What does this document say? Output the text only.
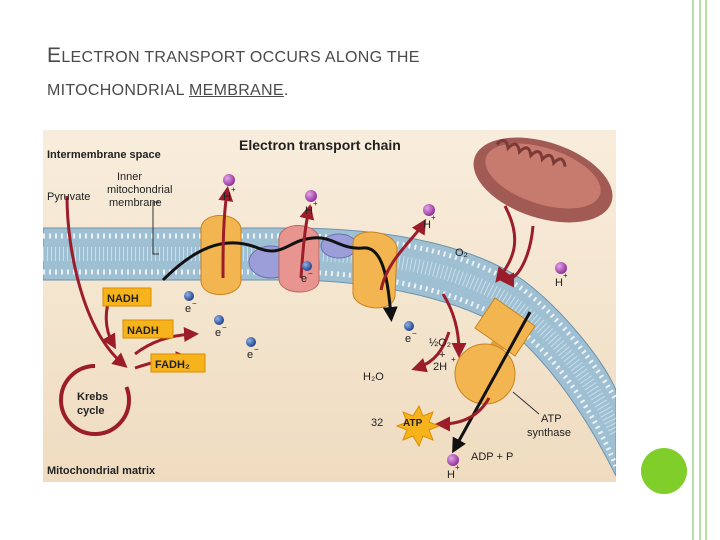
ELECTRON TRANSPORT OCCURS ALONG THE
MITOCHONDRIAL MEMBRANE.
Electron transport chain
Intermembrane space
Pyruvate
Inner
mitochondrial
membrane
NADH
NADH
FADH₂
Krebs
cycle
Mitochondrial matrix
H
+
H
+
H
+
H
+
H
+
e −
e −
e −
e −
e −
O₂
½O₂
+
2H
+
H₂O
32 ATP
ADP + P
ATP
synthase
